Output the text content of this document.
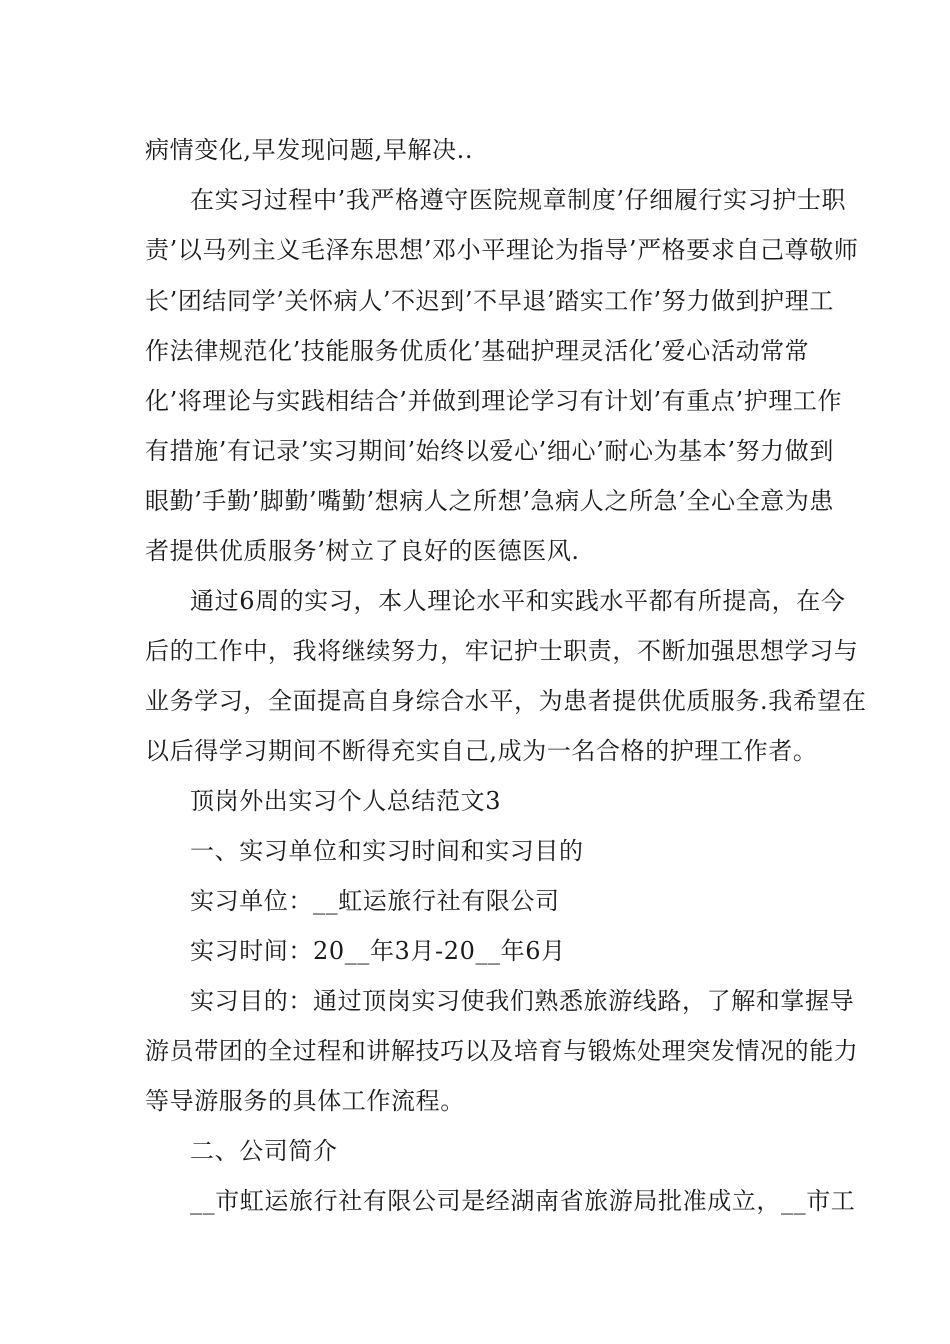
病情变化,早发现问题,早解决..
在实习过程中’我严格遵守医院规章制度’仔细履行实习护士职
责’以马列主义毛泽东思想’邓小平理论为指导’严格要求自己尊敬师
长’团结同学’关怀病人’不迟到’不早退’踏实工作’努力做到护理工
作法律规范化’技能服务优质化’基础护理灵活化’爱心活动常常
化’将理论与实践相结合’并做到理论学习有计划’有重点’护理工作
有措施’有记录’实习期间’始终以爱心’细心’耐心为基本’努力做到
眼勤’手勤’脚勤’嘴勤’想病人之所想’急病人之所急’全心全意为患
者提供优质服务’树立了良好的医德医风.
通过6周的实习，本人理论水平和实践水平都有所提高，在今
后的工作中，我将继续努力，牢记护士职责，不断加强思想学习与
业务学习，全面提高自身综合水平，为患者提供优质服务.我希望在
以后得学习期间不断得充实自己,成为一名合格的护理工作者。
顶岗外出实习个人总结范文3
一、实习单位和实习时间和实习目的
实习单位：__虹运旅行社有限公司
实习时间：20__年3月-20__年6月
实习目的：通过顶岗实习使我们熟悉旅游线路，了解和掌握导
游员带团的全过程和讲解技巧以及培育与锻炼处理突发情况的能力
等导游服务的具体工作流程。
二、公司简介
__市虹运旅行社有限公司是经湖南省旅游局批准成立，__市工
